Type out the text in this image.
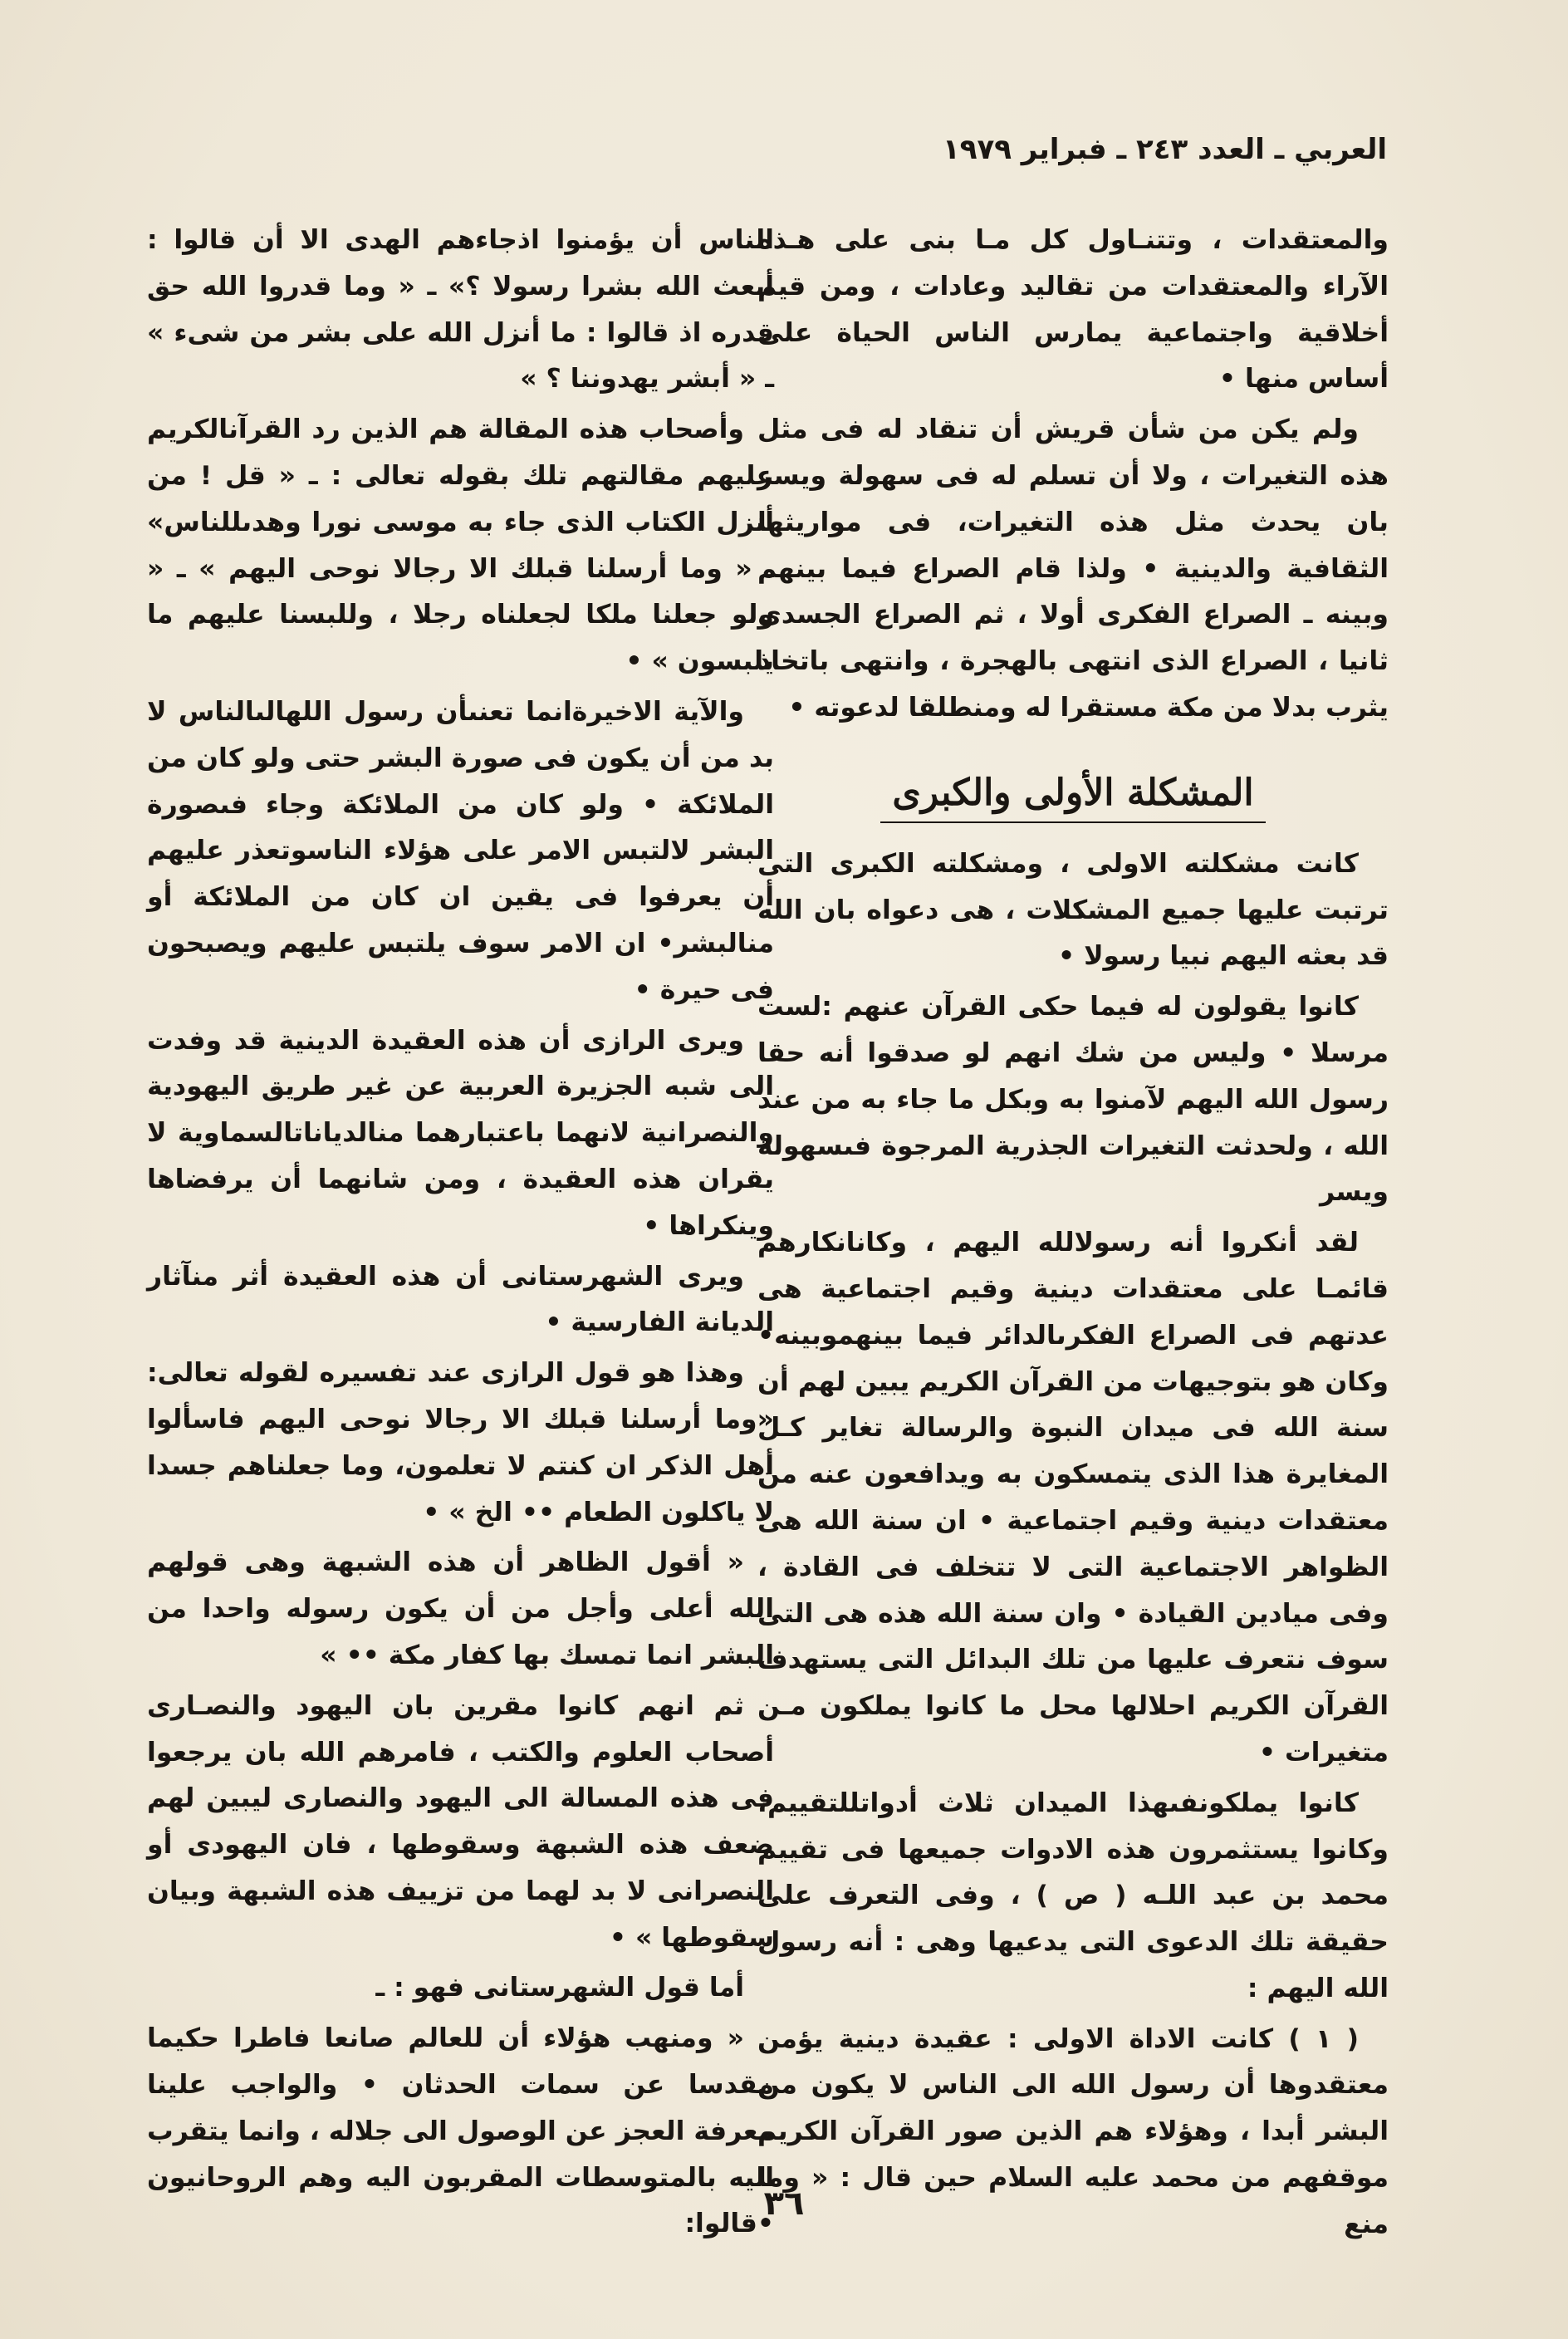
العربي ـ العدد ٢٤٣ ـ فبراير ١٩٧٩

والمعتقدات ، وتتنـاول كل مـا بنى على هـذه الآراء والمعتقدات من تقاليد وعادات ، ومن قيم أخلاقية واجتماعية يمارس الناس الحياة على أساس منها •

ولم يكن من شأن قريش أن تنقاد له فى مثل هذه التغيرات ، ولا أن تسلم له فى سهولة ويسر بان يحدث مثل هذه التغيرات، فى مواريثها الثقافية والدينية • ولذا قام الصراع فيما بينهم وبينه ـ الصراع الفكرى أولا ، ثم الصراع الجسدى ثانيا ، الصراع الذى انتهى بالهجرة ، وانتهى باتخاذ يثرب بدلا من مكة مستقرا له ومنطلقا لدعوته •

المشكلة الأولى والكبرى

كانت مشكلته الاولى ، ومشكلته الكبرى التى ترتبت عليها جميع المشكلات ، هى دعواه بان الله قد بعثه اليهم نبيا رسولا •

كانوا يقولون له فيما حكى القرآن عنهم :لست مرسلا • وليس من شك انهم لو صدقوا أنه حقا رسول الله اليهم لآمنوا به وبكل ما جاء به من عند الله ، ولحدثت التغيرات الجذرية المرجوة فىسهولة ويسر

لقد أنكروا أنه رسولالله اليهم ، وكانانكارهم قائمـا على معتقدات دينية وقيم اجتماعية هى عدتهم فى الصراع الفكرىالدائر فيما بينهموبينه• وكان هو بتوجيهات من القرآن الكريم يبين لهم أن سنة الله فى ميدان النبوة والرسالة تغاير كـل المغايرة هذا الذى يتمسكون به ويدافعون عنه من معتقدات دينية وقيم اجتماعية • ان سنة الله هى الظواهر الاجتماعية التى لا تتخلف فى القادة ، وفى ميادين القيادة • وان سنة الله هذه هى التى سوف نتعرف عليها من تلك البدائل التى يستهدف القرآن الكريم احلالها محل ما كانوا يملكون مـن متغيرات •

كانوا يملكونفىهذا الميدان ثلاث أدواتللتقييم، وكانوا يستثمرون هذه الادوات جميعها فى تقييم محمد بن عبد اللـه ( ص ) ، وفى التعرف على حقيقة تلك الدعوى التى يدعيها وهى : أنه رسول الله اليهم :

( ١ ) كانت الاداة الاولى : عقيدة دينية يؤمن معتقدوها أن رسول الله الى الناس لا يكون من البشر أبدا ، وهؤلاء هم الذين صور القرآن الكريم موقفهم من محمد عليه السلام حين قال : « وما منع

الناس أن يؤمنوا اذجاءهم الهدى الا أن قالوا : أبعث الله بشرا رسولا ؟» ـ « وما قدروا الله حق قدره اذ قالوا : ما أنزل الله على بشر من شىء » ـ « أبشر يهدوننا ؟ »

وأصحاب هذه المقالة هم الذين رد القرآنالكريم عليهم مقالتهم تلك بقوله تعالى : ـ « قل ! من أنزل الكتاب الذى جاء به موسى نورا وهدىللناس» ـ « وما أرسلنا قبلك الا رجالا نوحى اليهم » ـ « ولو جعلنا ملكا لجعلناه رجلا ، وللبسنا عليهم ما يلبسون » •

والآية الاخيرةانما تعنىأن رسول اللهالىالناس لا بد من أن يكون فى صورة البشر حتى ولو كان من الملائكة • ولو كان من الملائكة وجاء فىصورة البشر لالتبس الامر على هؤلاء الناسوتعذر عليهم أن يعرفوا فى يقين ان كان من الملائكة أو منالبشر• ان الامر سوف يلتبس عليهم ويصبحون فى حيرة •

ويرى الرازى أن هذه العقيدة الدينية قد وفدت الى شبه الجزيرة العربية عن غير طريق اليهودية والنصرانية لانهما باعتبارهما منالدياناتالسماوية لا يقران هذه العقيدة ، ومن شانهما أن يرفضاها وينكراها •

ويرى الشهرستانى أن هذه العقيدة أثر منآثار الديانة الفارسية •

وهذا هو قول الرازى عند تفسيره لقوله تعالى: «وما أرسلنا قبلك الا رجالا نوحى اليهم فاسألوا أهل الذكر ان كنتم لا تعلمون، وما جعلناهم جسدا لا ياكلون الطعام •• الخ » •

« أقول الظاهر أن هذه الشبهة وهى قولهم الله أعلى وأجل من أن يكون رسوله واحدا من البشر انما تمسك بها كفار مكة •• »

ثم انهم كانوا مقرين بان اليهود والنصـارى أصحاب العلوم والكتب ، فامرهم الله بان يرجعوا فى هذه المسالة الى اليهود والنصارى ليبين لهم ضعف هذه الشبهة وسقوطها ، فان اليهودى أو النصرانى لا بد لهما من تزييف هذه الشبهة وبيان سقوطها » •

أما قول الشهرستانى فهو : ـ

« ومنهب هؤلاء أن للعالم صانعا فاطرا حكيما مقدسا عن سمات الحدثان • والواجب علينا معرفة العجز عن الوصول الى جلاله ، وانما يتقرب اليه بالمتوسطات المقربون اليه وهم الروحانيون •قالوا:

٣٦
